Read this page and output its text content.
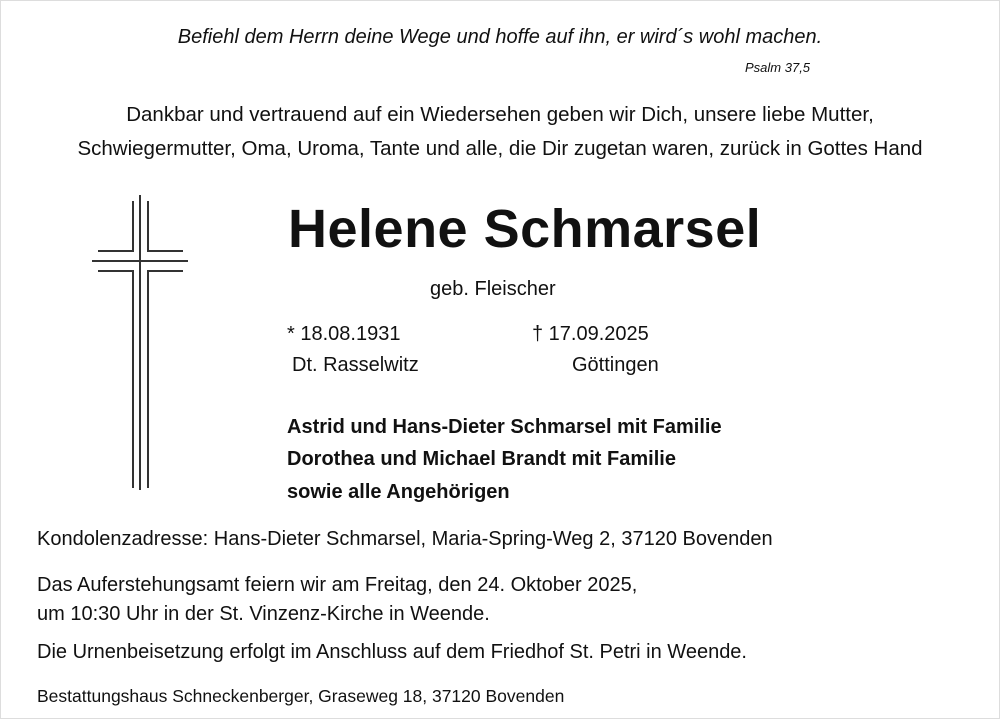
Befiehl dem Herrn deine Wege und hoffe auf ihn, er wird´s wohl machen.
Psalm 37,5
Dankbar und vertrauend auf ein Wiedersehen geben wir Dich, unsere liebe Mutter,
Schwiegermutter, Oma, Uroma, Tante und alle, die Dir zugetan waren, zurück in Gottes Hand
Helene Schmarsel
geb. Fleischer
* 18.08.1931
Dt. Rasselwitz
† 17.09.2025
Göttingen
Astrid und Hans-Dieter Schmarsel mit Familie
Dorothea und Michael Brandt mit Familie
sowie alle Angehörigen
Kondolenzadresse: Hans-Dieter Schmarsel, Maria-Spring-Weg 2, 37120 Bovenden
Das Auferstehungsamt feiern wir am Freitag, den 24. Oktober 2025,
um 10:30 Uhr in der St. Vinzenz-Kirche in Weende.
Die Urnenbeisetzung erfolgt im Anschluss auf dem Friedhof St. Petri in Weende.
Bestattungshaus Schneckenberger, Graseweg 18, 37120 Bovenden
